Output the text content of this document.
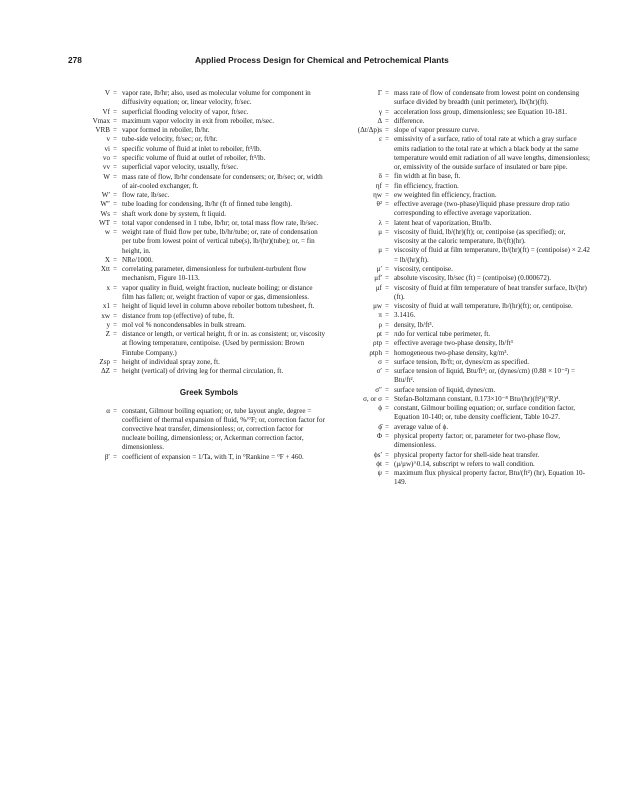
278	Applied Process Design for Chemical and Petrochemical Plants
V = vapor rate, lb/hr; also, used as molecular volume for component in diffusivity equation; or, linear velocity, ft/sec.
Vf = superficial flooding velocity of vapor, ft/sec.
Vmax = maximum vapor velocity in exit from reboiler, m/sec.
VRB = vapor formed in reboiler, lb/hr.
v = tube-side velocity, ft/sec; or, ft/hr.
vi = specific volume of fluid at inlet to reboiler, ft³/lb.
vo = specific volume of fluid at outlet of reboiler, ft³/lb.
vv = superficial vapor velocity, usually, ft/sec.
W = mass rate of flow, lb/hr condensate for condensers; or, lb/sec; or, width of air-cooled exchanger, ft.
W′ = flow rate, lb/sec.
W″ = tube loading for condensing, lb/hr (ft of finned tube length).
Ws = shaft work done by system, ft liquid.
WT = total vapor condensed in 1 tube, lb/hr; or, total mass flow rate, lb/sec.
w = weight rate of fluid flow per tube, lb/hr/tube; or, rate of condensation per tube from lowest point of vertical tube(s), lb/(hr)(tube); or, = fin height, in.
X = NRe/1000.
Xtt = correlating parameter, dimensionless for turbulent-turbulent flow mechanism, Figure 10-113.
x = vapor quality in fluid, weight fraction, nucleate boiling; or distance film has fallen; or, weight fraction of vapor or gas, dimensionless.
x1 = height of liquid level in column above reboiler bottom tubesheet, ft.
xw = distance from top (effective) of tube, ft.
y = mol vol % noncondensables in bulk stream.
Z = distance or length, or vertical height, ft or in. as consistent; or, viscosity at flowing temperature, centipoise. (Used by permission: Brown Fintube Company.)
Zsp = height of individual spray zone, ft.
ΔZ = height (vertical) of driving leg for thermal circulation, ft.
Greek Symbols
α = constant, Gilmour boiling equation; or, tube layout angle, degree = coefficient of thermal expansion of fluid, %/°F; or, correction factor for convective heat transfer, dimensionless; or, correction factor for nucleate boiling, dimensionless; or, Ackerman correction factor, dimensionless.
β′ = coefficient of expansion = 1/Ta, with T, in °Rankine = °F + 460.
Γ = mass rate of flow of condensate from lowest point on condensing surface divided by breadth (unit perimeter), lb/(hr)(ft).
γ = acceleration loss group, dimensionless; see Equation 10-181.
Δ = difference.
(Δt/Δp)s = slope of vapor pressure curve.
ε = emissivity of a surface, ratio of total rate at which a gray surface emits radiation to the total rate at which a black body at the same temperature would emit radiation of all wave lengths, dimensionless; or, emissivity of the outside surface of insulated or bare pipe.
δ = fin width at fin base, ft.
ηf = fin efficiency, fraction.
ηw = ew weighted fin efficiency, fraction.
θ² = effective average (two-phase)/liquid phase pressure drop ratio corresponding to effective average vaporization.
λ = latent heat of vaporization, Btu/lb.
μ = viscosity of fluid, lb/(hr)(ft); or, centipoise (as specified); or, viscosity at the caloric temperature, lb/(ft)(hr).
μ = viscosity of fluid at film temperature, lb/(hr)(ft) = (centipoise) × 2.42 = lb/(hr)(ft).
μ′ = viscosity, centipoise.
μf′ = absolute viscosity, lb/sec (ft) = (centipoise) (0.000672).
μf = viscosity of fluid at film temperature of heat transfer surface, lb/(hr)(ft).
μw = viscosity of fluid at wall temperature, lb/(hr)(ft); or, centipoise.
π = 3.1416.
ρ = density, lb/ft³.
ρt = πdo for vertical tube perimeter, ft.
ρtp = effective average two-phase density, lb/ft³
ρtph = homogeneous two-phase density, kg/m³.
σ = surface tension, lb/ft; or, dynes/cm as specified.
σ′ = surface tension of liquid, Btu/ft²; or, (dynes/cm) (0.88 × 10⁻³) = Btu/ft².
σ″ = surface tension of liquid, dynes/cm.
σ, or σ = Stefan-Boltzmann constant, 0.173×10⁻⁸ Btu/(hr)(ft²)(°R)⁴.
ϕ = constant, Gilmour boiling equation; or, surface condition factor, Equation 10-140; or, tube density coefficient, Table 10-27.
ϕ̄ = average value of ϕ.
Φ = physical property factor; or, parameter for two-phase flow, dimensionless.
ϕs′ = physical property factor for shell-side heat transfer.
ϕt = (μ/μw)^0.14, subscript w refers to wall condition.
ψ = maximum flux physical property factor, Btu/(ft²) (hr), Equation 10-149.
